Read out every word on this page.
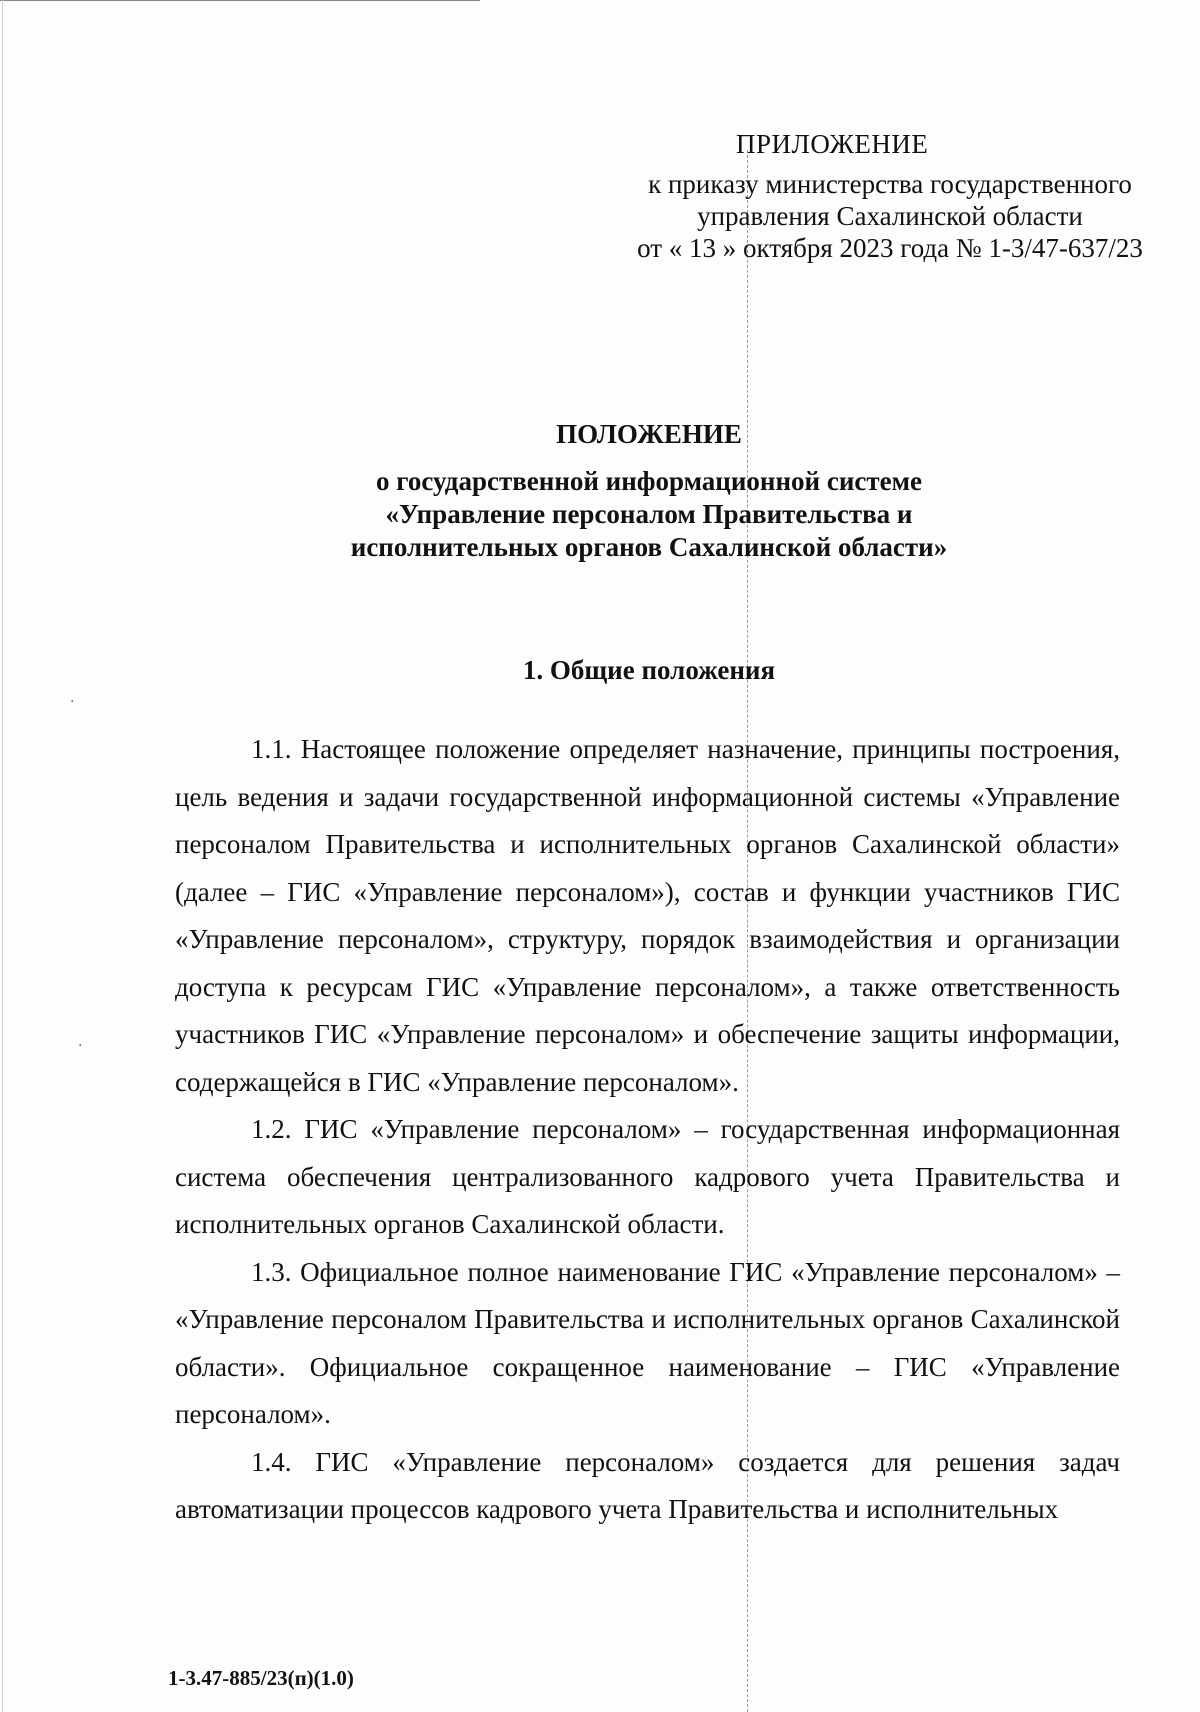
·
·
ПРИЛОЖЕНИЕ
к приказу министерства государственного
управления Сахалинской области
от « 13 » октября 2023 года № 1-3/47-637/23
ПОЛОЖЕНИЕ
о государственной информационной системе
«Управление персоналом Правительства и
исполнительных органов Сахалинской области»
1. Общие положения

1.1. Настоящее положение определяет назначение, принципы построения, цель ведения и задачи государственной информационной системы «Управление персоналом Правительства и исполнительных органов Сахалинской области» (далее – ГИС «Управление персоналом»), состав и функции участников ГИС «Управление персоналом», структуру, порядок взаимодействия и организации доступа к ресурсам ГИС «Управление персоналом», а также ответственность участников ГИС «Управление персоналом» и обеспечение защиты информации, содержащейся в ГИС «Управление персоналом».

1.2. ГИС «Управление персоналом» – государственная информационная система обеспечения централизованного кадрового учета Правительства и исполнительных органов Сахалинской области.

1.3. Официальное полное наименование ГИС «Управление персоналом» – «Управление персоналом Правительства и исполнительных органов Сахалинской области». Официальное сокращенное наименование – ГИС «Управление персоналом».

1.4. ГИС «Управление персоналом» создается для решения задач автоматизации процессов кадрового учета Правительства и исполнительных

1-3.47-885/23(п)(1.0)
